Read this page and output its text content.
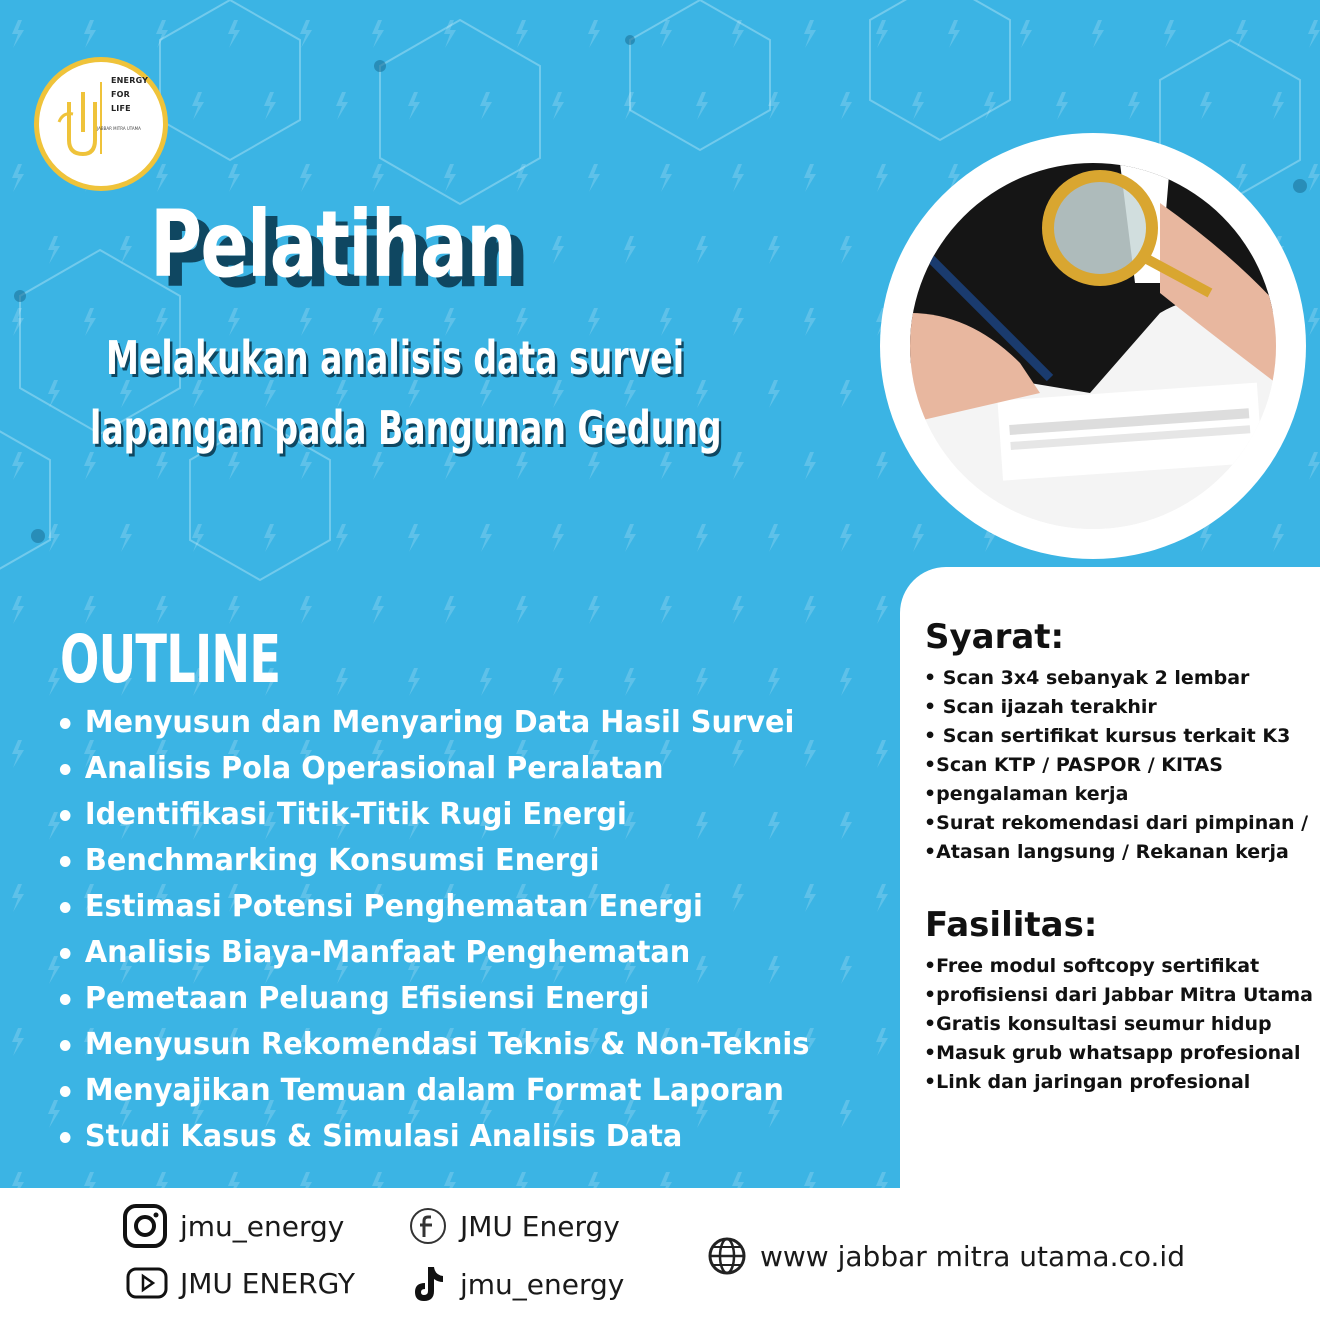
ENERGY
FOR
LIFE
JABBAR MITRA UTAMA
Pelatihan
Melakukan analisis data survei
lapangan pada Bangunan Gedung
OUTLINE
Menyusun dan Menyaring Data Hasil Survei
Analisis Pola Operasional Peralatan
Identifikasi Titik-Titik Rugi Energi
Benchmarking Konsumsi Energi
Estimasi Potensi Penghematan Energi
Analisis Biaya-Manfaat Penghematan
Pemetaan Peluang Efisiensi Energi
Menyusun Rekomendasi Teknis & Non-Teknis
Menyajikan Temuan dalam Format Laporan
Studi Kasus & Simulasi Analisis Data
Syarat:
• Scan 3x4 sebanyak 2 lembar
• Scan ijazah terakhir
• Scan sertifikat kursus terkait K3
•Scan KTP / PASPOR / KITAS
•pengalaman kerja
•Surat rekomendasi dari pimpinan /
•Atasan langsung / Rekanan kerja
Fasilitas:
•Free modul softcopy sertifikat
•profisiensi dari Jabbar Mitra Utama
•Gratis konsultasi seumur hidup
•Masuk grub whatsapp profesional
•Link dan jaringan profesional
jmu_energy	JMU Energy
JMU ENERGY	jmu_energy
www jabbar mitra utama.co.id
